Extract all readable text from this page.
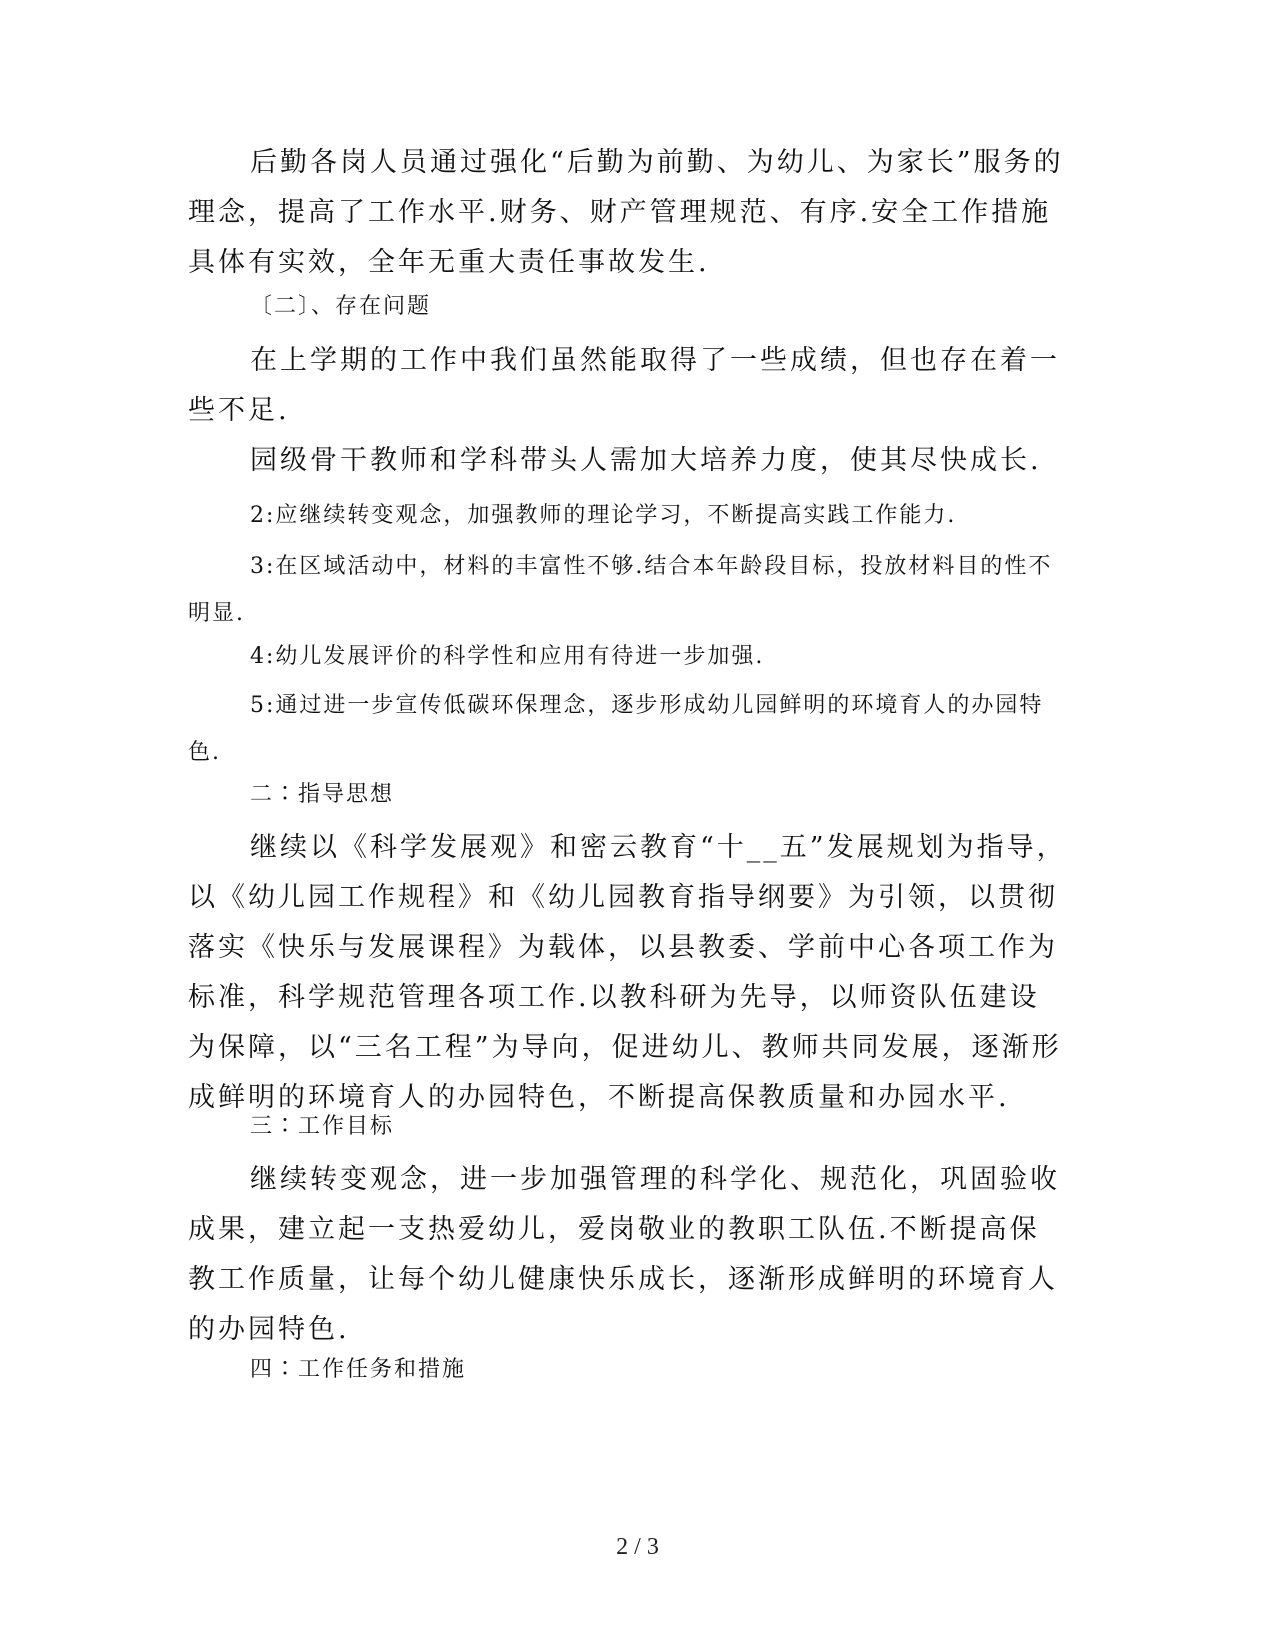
后勤各岗人员通过强化“后勤为前勤、为幼儿、为家长”服务的理念，提高了工作水平.财务、财产管理规范、有序.安全工作措施具体有实效，全年无重大责任事故发生.

〔二〕、存在问题

在上学期的工作中我们虽然能取得了一些成绩，但也存在着一些不足.

园级骨干教师和学科带头人需加大培养力度，使其尽快成长.

2:应继续转变观念，加强教师的理论学习，不断提高实践工作能力.

3:在区域活动中，材料的丰富性不够.结合本年龄段目标，投放材料目的性不明显.

4:幼儿发展评价的科学性和应用有待进一步加强.

5:通过进一步宣传低碳环保理念，逐步形成幼儿园鲜明的环境育人的办园特色.

二∶指导思想

继续以《科学发展观》和密云教育“十__五”发展规划为指导，以《幼儿园工作规程》和《幼儿园教育指导纲要》为引领，以贯彻落实《快乐与发展课程》为载体，以县教委、学前中心各项工作为标准，科学规范管理各项工作.以教科研为先导，以师资队伍建设为保障，以“三名工程”为导向，促进幼儿、教师共同发展，逐渐形成鲜明的环境育人的办园特色，不断提高保教质量和办园水平.

三∶工作目标

继续转变观念，进一步加强管理的科学化、规范化，巩固验收成果，建立起一支热爱幼儿，爱岗敬业的教职工队伍.不断提高保教工作质量，让每个幼儿健康快乐成长，逐渐形成鲜明的环境育人的办园特色.

四∶工作任务和措施

2 / 3
